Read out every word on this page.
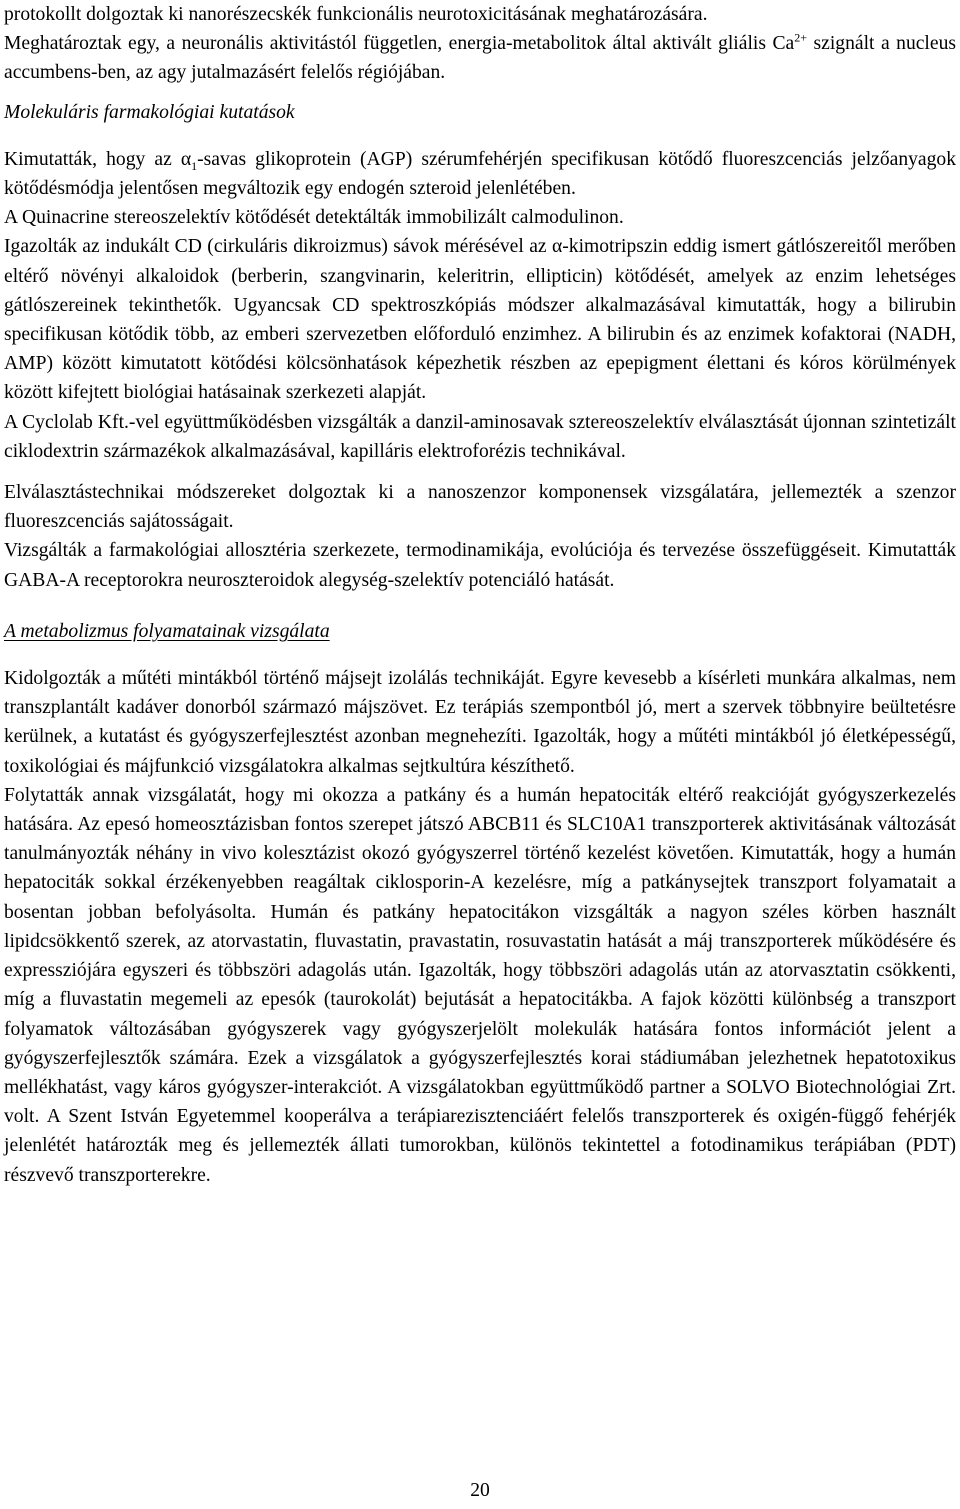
protokollt dolgoztak ki nanorészecskék funkcionális neurotoxicitásának meghatározására.

Meghatároztak egy, a neuronális aktivitástól független, energia-metabolitok által aktivált gliális $Ca^{2+}$ szignált a nucleus accumbens-ben, az agy jutalmazásért felelős régiójában.

Molekuláris farmakológiai kutatások

Kimutatták, hogy az $\alpha_1$-savas glikoprotein (AGP) szérumfehérjén specifikusan kötődő fluoreszcenciás jelzőanyagok kötődésmódja jelentősen megváltozik egy endogén szteroid jelenlétében.

A Quinacrine stereoszelektív kötődését detektálták immobilizált calmodulinon.

Igazolták az indukált CD (cirkuláris dikroizmus) sávok mérésével az α-kimotripszin eddig ismert gátlószereitől merőben eltérő növényi alkaloidok (berberin, szangvinarin, keleritrin, ellipticin) kötődését, amelyek az enzim lehetséges gátlószereinek tekinthetők. Ugyancsak CD spektroszkópiás módszer alkalmazásával kimutatták, hogy a bilirubin specifikusan kötődik több, az emberi szervezetben előforduló enzimhez. A bilirubin és az enzimek kofaktorai (NADH, AMP) között kimutatott kötődési kölcsönhatások képezhetik részben az epepigment élettani és kóros körülmények között kifejtett biológiai hatásainak szerkezeti alapját.

A Cyclolab Kft.-vel együttműködésben vizsgálták a danzil-aminosavak sztereoszelektív elválasztását újonnan szintetizált ciklodextrin származékok alkalmazásával, kapilláris elektroforézis technikával.

Elválasztástechnikai módszereket dolgoztak ki a nanoszenzor komponensek vizsgálatára, jellemezték a szenzor fluoreszcenciás sajátosságait.

Vizsgálták a farmakológiai allosztéria szerkezete, termodinamikája, evolúciója és tervezése összefüggéseit. Kimutatták GABA-A receptorokra neuroszteroidok alegység-szelektív potenciáló hatását.

A metabolizmus folyamatainak vizsgálata

Kidolgozták a műtéti mintákból történő májsejt izolálás technikáját. Egyre kevesebb a kísérleti munkára alkalmas, nem transzplantált kadáver donorból származó májszövet. Ez terápiás szempontból jó, mert a szervek többnyire beültetésre kerülnek, a kutatást és gyógyszerfejlesztést azonban megnehezíti. Igazolták, hogy a műtéti mintákból jó életképességű, toxikológiai és májfunkció vizsgálatokra alkalmas sejtkultúra készíthető.

Folytatták annak vizsgálatát, hogy mi okozza a patkány és a humán hepatociták eltérő reakcióját gyógyszerkezelés hatására. Az epesó homeosztázisban fontos szerepet játszó ABCB11 és SLC10A1 transzporterek aktivitásának változását tanulmányozták néhány in vivo kolesztázist okozó gyógyszerrel történő kezelést követően. Kimutatták, hogy a humán hepatociták sokkal érzékenyebben reagáltak ciklosporin-A kezelésre, míg a patkánysejtek transzport folyamatait a bosentan jobban befolyásolta. Humán és patkány hepatocitákon vizsgálták a nagyon széles körben használt lipidcsökkentő szerek, az atorvastatin, fluvastatin, pravastatin, rosuvastatin hatását a máj transzporterek működésére és expressziójára egyszeri és többszöri adagolás után. Igazolták, hogy többszöri adagolás után az atorvasztatin csökkenti, míg a fluvastatin megemeli az epesók (taurokolát) bejutását a hepatocitákba. A fajok közötti különbség a transzport folyamatok változásában gyógyszerek vagy gyógyszerjelölt molekulák hatására fontos információt jelent a gyógyszerfejlesztők számára. Ezek a vizsgálatok a gyógyszerfejlesztés korai stádiumában jelezhetnek hepatotoxikus mellékhatást, vagy káros gyógyszer-interakciót. A vizsgálatokban együttműködő partner a SOLVO Biotechnológiai Zrt. volt. A Szent István Egyetemmel kooperálva a terápiarezisztenciáért felelős transzporterek és oxigén-függő fehérjék jelenlétét határozták meg és jellemezték állati tumorokban, különös tekintettel a fotodinamikus terápiában (PDT) részvevő transzporterekre.

20
